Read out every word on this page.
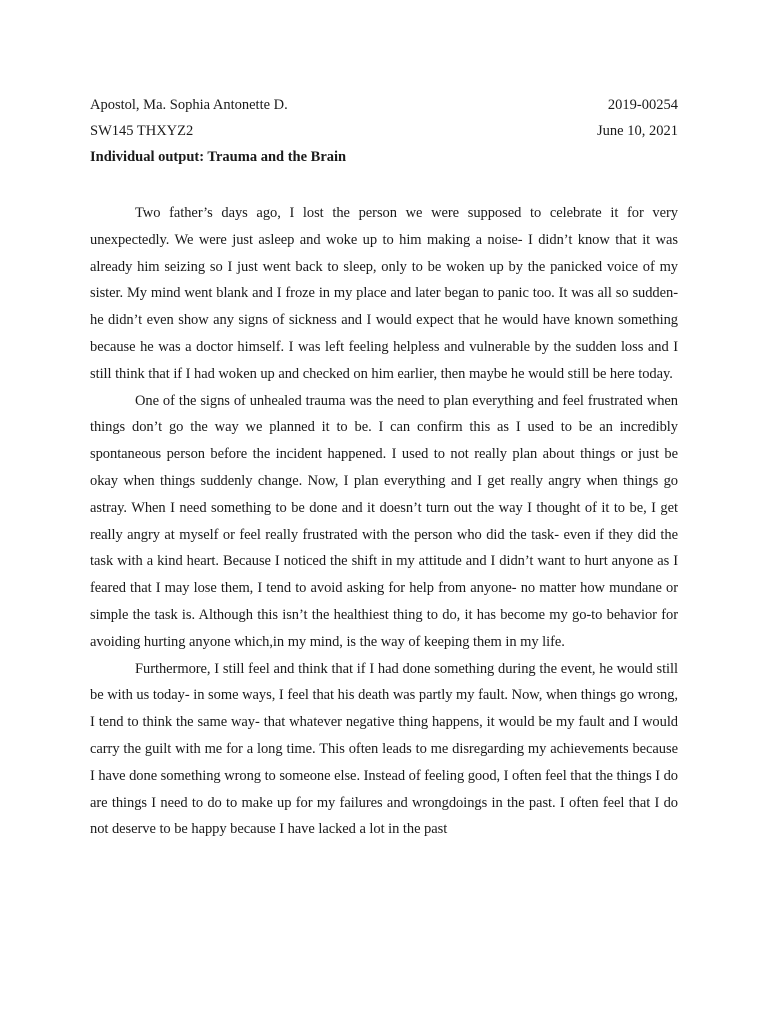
Apostol, Ma. Sophia Antonette D.	2019-00254
SW145 THXYZ2	June 10, 2021
Individual output: Trauma and the Brain

Two father’s days ago, I lost the person we were supposed to celebrate it for very unexpectedly. We were just asleep and woke up to him making a noise- I didn’t know that it was already him seizing so I just went back to sleep, only to be woken up by the panicked voice of my sister. My mind went blank and I froze in my place and later began to panic too. It was all so sudden- he didn’t even show any signs of sickness and I would expect that he would have known something because he was a doctor himself. I was left feeling helpless and vulnerable by the sudden loss and I still think that if I had woken up and checked on him earlier, then maybe he would still be here today.

One of the signs of unhealed trauma was the need to plan everything and feel frustrated when things don’t go the way we planned it to be. I can confirm this as I used to be an incredibly spontaneous person before the incident happened. I used to not really plan about things or just be okay when things suddenly change. Now, I plan everything and I get really angry when things go astray. When I need something to be done and it doesn’t turn out the way I thought of it to be, I get really angry at myself or feel really frustrated with the person who did the task- even if they did the task with a kind heart. Because I noticed the shift in my attitude and I didn’t want to hurt anyone as I feared that I may lose them, I tend to avoid asking for help from anyone- no matter how mundane or simple the task is. Although this isn’t the healthiest thing to do, it has become my go-to behavior for avoiding hurting anyone which,in my mind, is the way of keeping them in my life.

Furthermore, I still feel and think that if I had done something during the event, he would still be with us today- in some ways, I feel that his death was partly my fault. Now, when things go wrong, I tend to think the same way- that whatever negative thing happens, it would be my fault and I would carry the guilt with me for a long time. This often leads to me disregarding my achievements because I have done something wrong to someone else. Instead of feeling good, I often feel that the things I do are things I need to do to make up for my failures and wrongdoings in the past. I often feel that I do not deserve to be happy because I have lacked a lot in the past
